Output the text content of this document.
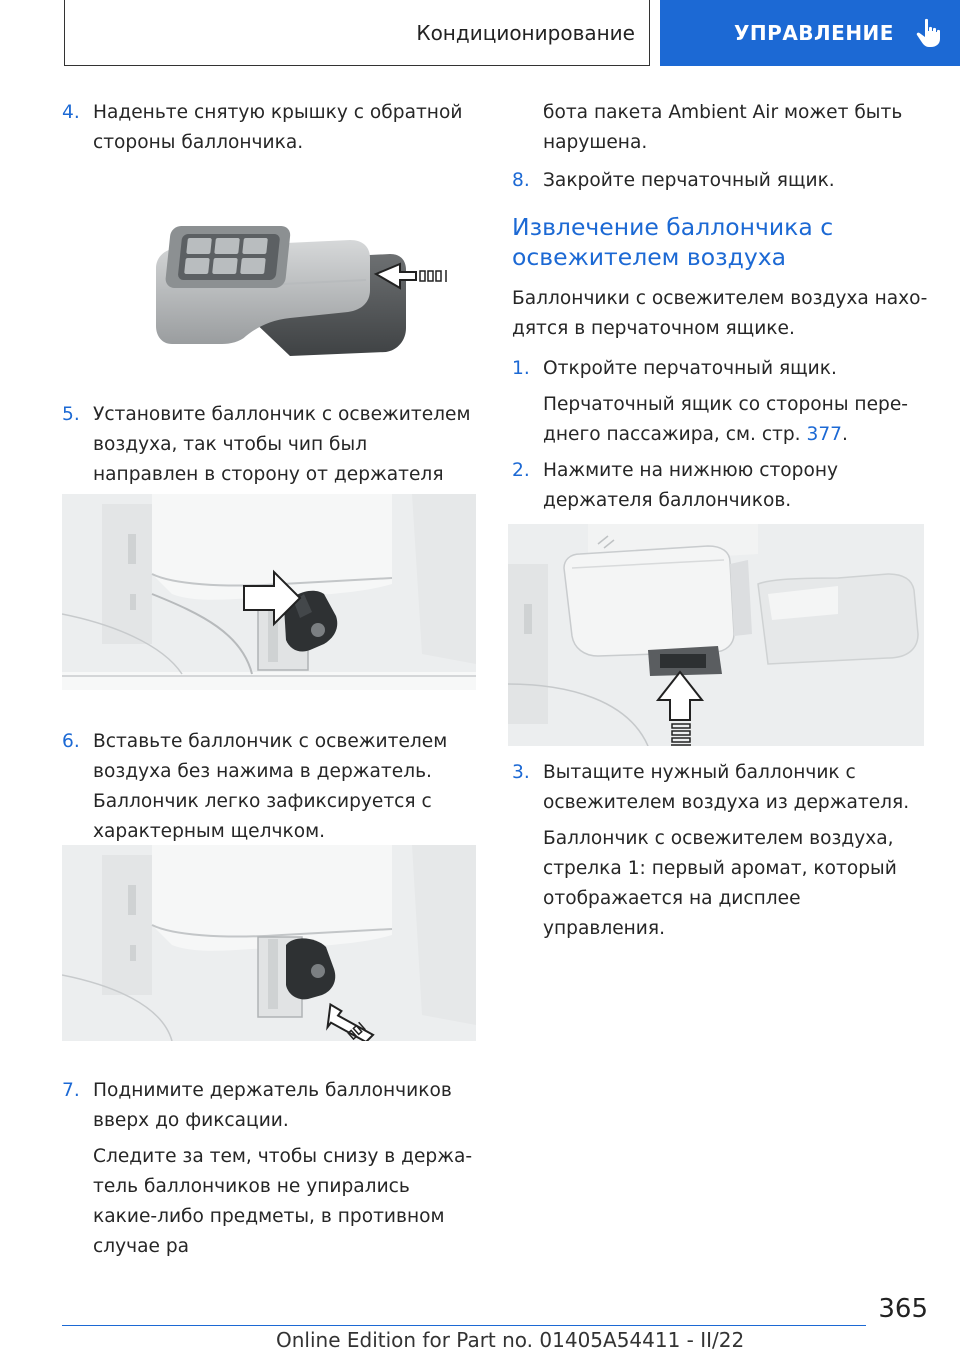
Кондиционирование	УПРАВЛЕНИЕ
4. Наденьте снятую крышку с обратной стороны баллончика.
5. Установите баллончик с освежителем воздуха, так чтобы чип был направлен в сторону от держателя
6. Вставьте баллончик с освежителем воздуха без нажима в держатель. Баллончик легко зафиксируется с характерным щелчком.
7. Поднимите держатель баллончиков вверх до фиксации.
Следите за тем, чтобы снизу в держатель баллончиков не упирались какие-либо предметы, в противном случае ра
бота пакета Ambient Air может быть нарушена.
8. Закройте перчаточный ящик.
Извлечение баллончика с освежителем воздуха
Баллончики с освежителем воздуха находятся в перчаточном ящике.
1. Откройте перчаточный ящик.
Перчаточный ящик со стороны переднего пассажира, см. стр. 377.
2. Нажмите на нижнюю сторону держателя баллончиков.
3. Вытащите нужный баллончик с освежителем воздуха из держателя.
Баллончик с освежителем воздуха, стрелка 1: первый аромат, который отображается на дисплее управления.
365
Online Edition for Part no. 01405A54411 - II/22
